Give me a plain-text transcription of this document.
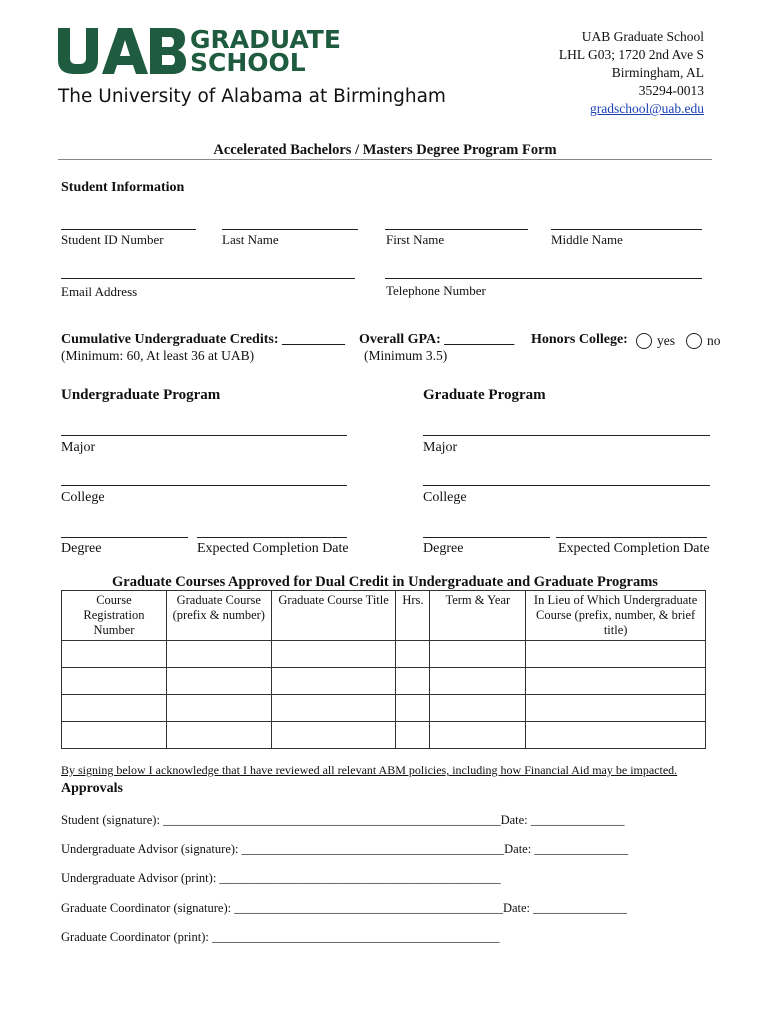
GRADUATE
SCHOOL
The University of Alabama at Birmingham
UAB Graduate School
LHL G03; 1720 2nd Ave S
Birmingham, AL
35294-0013
gradschool@uab.edu
Accelerated Bachelors / Masters Degree Program Form
Student Information
Student ID Number	Last Name	First Name	Middle Name
Email Address	Telephone Number
Cumulative Undergraduate Credits: _________
(Minimum: 60, At least 36 at UAB)
Overall GPA: __________
(Minimum 3.5)
Honors College: yes no
Undergraduate Program	Graduate Program
Major	Major
College	College
Degree	Expected Completion Date	Degree	Expected Completion Date
Graduate Courses Approved for Dual Credit in Undergraduate and Graduate Programs
Course Registration Number	Graduate Course (prefix & number)	Graduate Course Title	Hrs.	Term & Year	In Lieu of Which Undergraduate Course (prefix, number, & brief title)

By signing below I acknowledge that I have reviewed all relevant ABM policies, including how Financial Aid may be impacted.
Approvals
Student (signature): ______________________________________________________Date: _______________
Undergraduate Advisor (signature): __________________________________________Date: _______________
Undergraduate Advisor (print): _____________________________________________
Graduate Coordinator (signature): ___________________________________________Date: _______________
Graduate Coordinator (print): ______________________________________________
